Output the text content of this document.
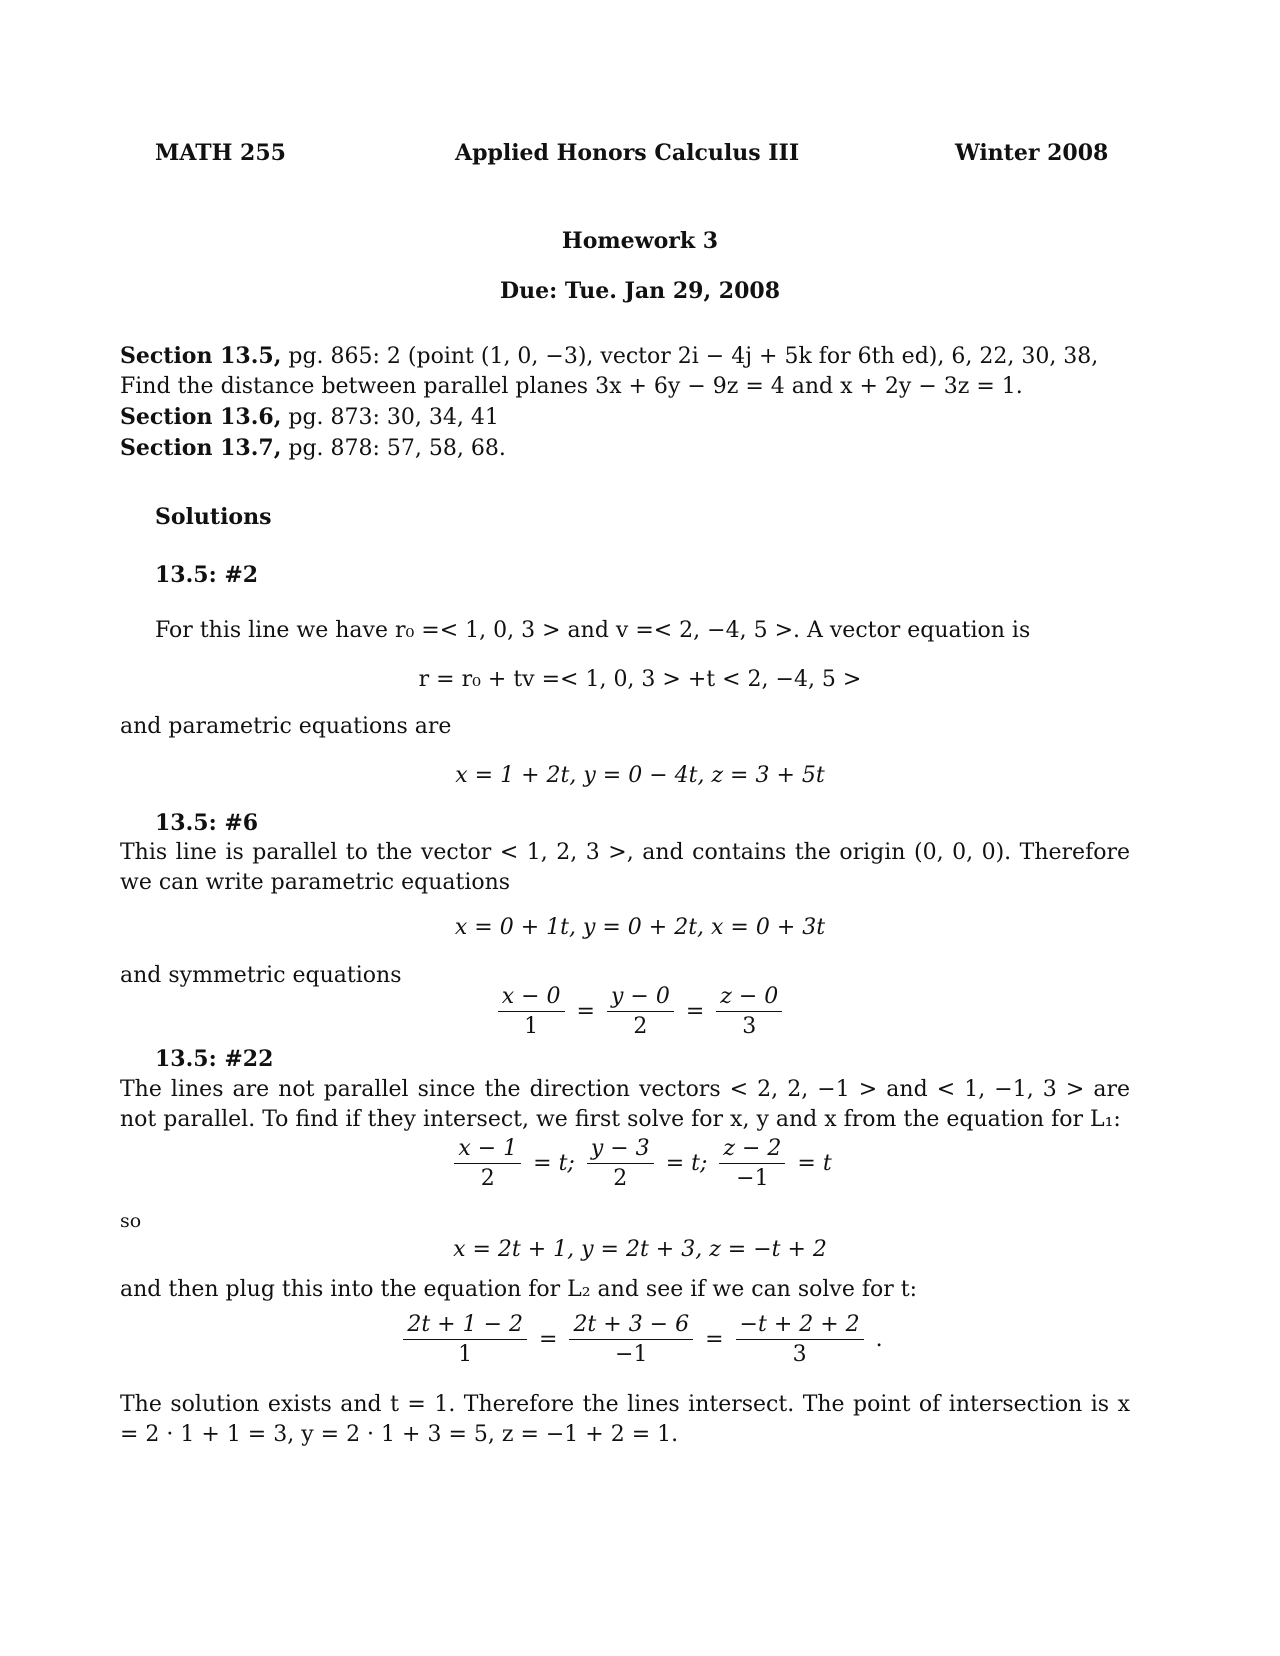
MATH 255	Applied Honors Calculus III	Winter 2008
Homework 3
Due: Tue. Jan 29, 2008
Section 13.5, pg. 865: 2 (point (1, 0, −3), vector 2i − 4j + 5k for 6th ed), 6, 22, 30, 38,
Find the distance between parallel planes 3x + 6y − 9z = 4 and x + 2y − 3z = 1.
Section 13.6, pg. 873: 30, 34, 41
Section 13.7, pg. 878: 57, 58, 68.
Solutions
13.5: #2
For this line we have r₀ =< 1, 0, 3 > and v =< 2, −4, 5 >. A vector equation is
r = r₀ + tv =< 1, 0, 3 > +t < 2, −4, 5 >
and parametric equations are
x = 1 + 2t, y = 0 − 4t, z = 3 + 5t
13.5: #6
This line is parallel to the vector < 1, 2, 3 >, and contains the origin (0, 0, 0). Therefore we can write parametric equations
x = 0 + 1t, y = 0 + 2t, x = 0 + 3t
and symmetric equations
$\frac{x - 0}{1} = \frac{y - 0}{2} = \frac{z - 0}{3}$
13.5: #22
The lines are not parallel since the direction vectors < 2, 2, −1 > and < 1, −1, 3 > are not parallel. To find if they intersect, we first solve for x, y and x from the equation for L₁:
$\frac{x - 1}{2} = t$; $\frac{y - 3}{2} = t$; $\frac{z - 2}{-1} = t$
so
x = 2t + 1, y = 2t + 3, z = −t + 2
and then plug this into the equation for L₂ and see if we can solve for t:
$\frac{2t + 1 - 2}{1} = \frac{2t + 3 - 6}{-1} = \frac{-t + 2 + 2}{3}$ .
The solution exists and t = 1. Therefore the lines intersect. The point of intersection is x = 2 · 1 + 1 = 3, y = 2 · 1 + 3 = 5, z = −1 + 2 = 1.
